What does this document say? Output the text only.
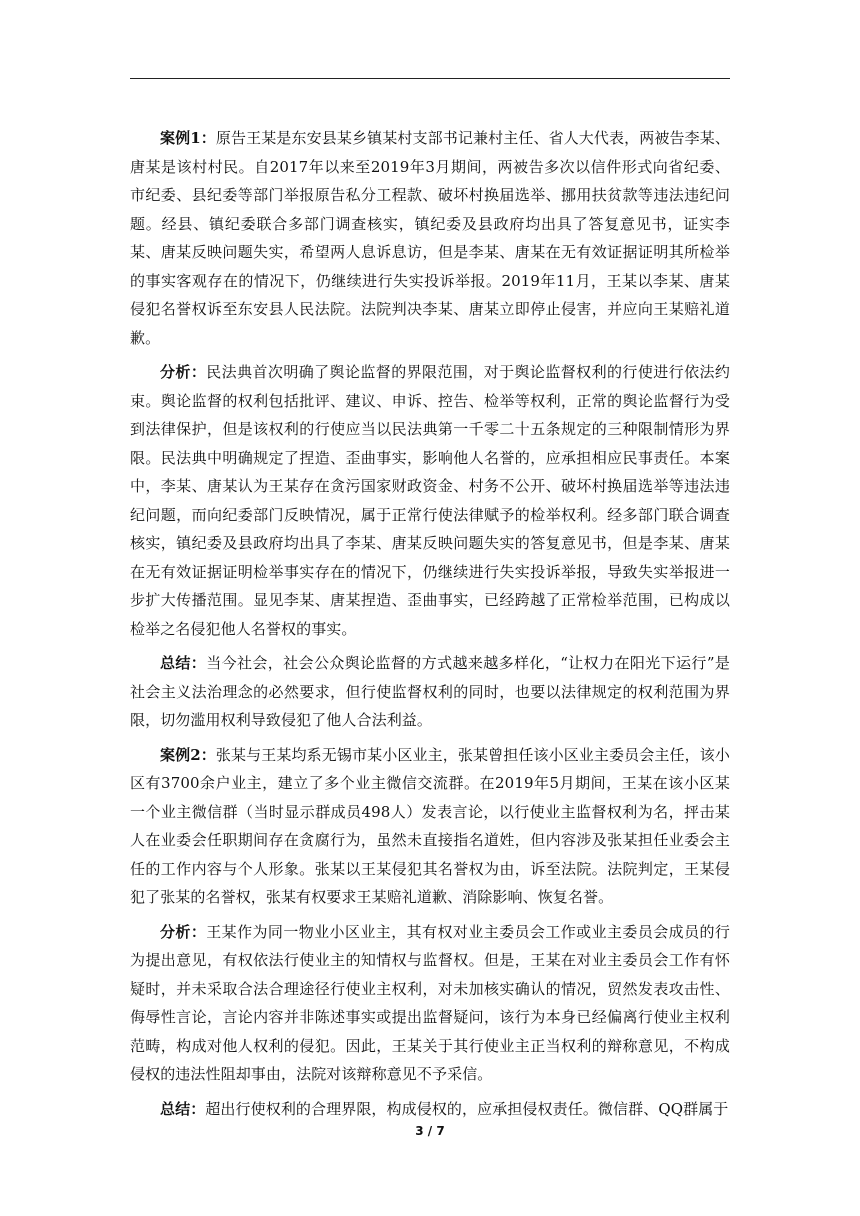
案例1：原告王某是东安县某乡镇某村支部书记兼村主任、省人大代表，两被告李某、唐某是该村村民。自2017年以来至2019年3月期间，两被告多次以信件形式向省纪委、市纪委、县纪委等部门举报原告私分工程款、破坏村换届选举、挪用扶贫款等违法违纪问题。经县、镇纪委联合多部门调查核实，镇纪委及县政府均出具了答复意见书，证实李某、唐某反映问题失实，希望两人息诉息访，但是李某、唐某在无有效证据证明其所检举的事实客观存在的情况下，仍继续进行失实投诉举报。2019年11月，王某以李某、唐某侵犯名誉权诉至东安县人民法院。法院判决李某、唐某立即停止侵害，并应向王某赔礼道歉。

分析：民法典首次明确了舆论监督的界限范围，对于舆论监督权利的行使进行依法约束。舆论监督的权利包括批评、建议、申诉、控告、检举等权利，正常的舆论监督行为受到法律保护，但是该权利的行使应当以民法典第一千零二十五条规定的三种限制情形为界限。民法典中明确规定了捏造、歪曲事实，影响他人名誉的，应承担相应民事责任。本案中，李某、唐某认为王某存在贪污国家财政资金、村务不公开、破坏村换届选举等违法违纪问题，而向纪委部门反映情况，属于正常行使法律赋予的检举权利。经多部门联合调查核实，镇纪委及县政府均出具了李某、唐某反映问题失实的答复意见书，但是李某、唐某在无有效证据证明检举事实存在的情况下，仍继续进行失实投诉举报，导致失实举报进一步扩大传播范围。显见李某、唐某捏造、歪曲事实，已经跨越了正常检举范围，已构成以检举之名侵犯他人名誉权的事实。

总结：当今社会，社会公众舆论监督的方式越来越多样化，“让权力在阳光下运行”是社会主义法治理念的必然要求，但行使监督权利的同时，也要以法律规定的权利范围为界限，切勿滥用权利导致侵犯了他人合法利益。

案例2：张某与王某均系无锡市某小区业主，张某曾担任该小区业主委员会主任，该小区有3700余户业主，建立了多个业主微信交流群。在2019年5月期间，王某在该小区某一个业主微信群（当时显示群成员498人）发表言论，以行使业主监督权利为名，抨击某人在业委会任职期间存在贪腐行为，虽然未直接指名道姓，但内容涉及张某担任业委会主任的工作内容与个人形象。张某以王某侵犯其名誉权为由，诉至法院。法院判定，王某侵犯了张某的名誉权，张某有权要求王某赔礼道歉、消除影响、恢复名誉。

分析：王某作为同一物业小区业主，其有权对业主委员会工作或业主委员会成员的行为提出意见，有权依法行使业主的知情权与监督权。但是，王某在对业主委员会工作有怀疑时，并未采取合法合理途径行使业主权利，对未加核实确认的情况，贸然发表攻击性、侮辱性言论，言论内容并非陈述事实或提出监督疑问，该行为本身已经偏离行使业主权利范畴，构成对他人权利的侵犯。因此，王某关于其行使业主正当权利的辩称意见，不构成侵权的违法性阻却事由，法院对该辩称意见不予采信。

总结：超出行使权利的合理界限，构成侵权的，应承担侵权责任。微信群、QQ群属于

3 / 7
